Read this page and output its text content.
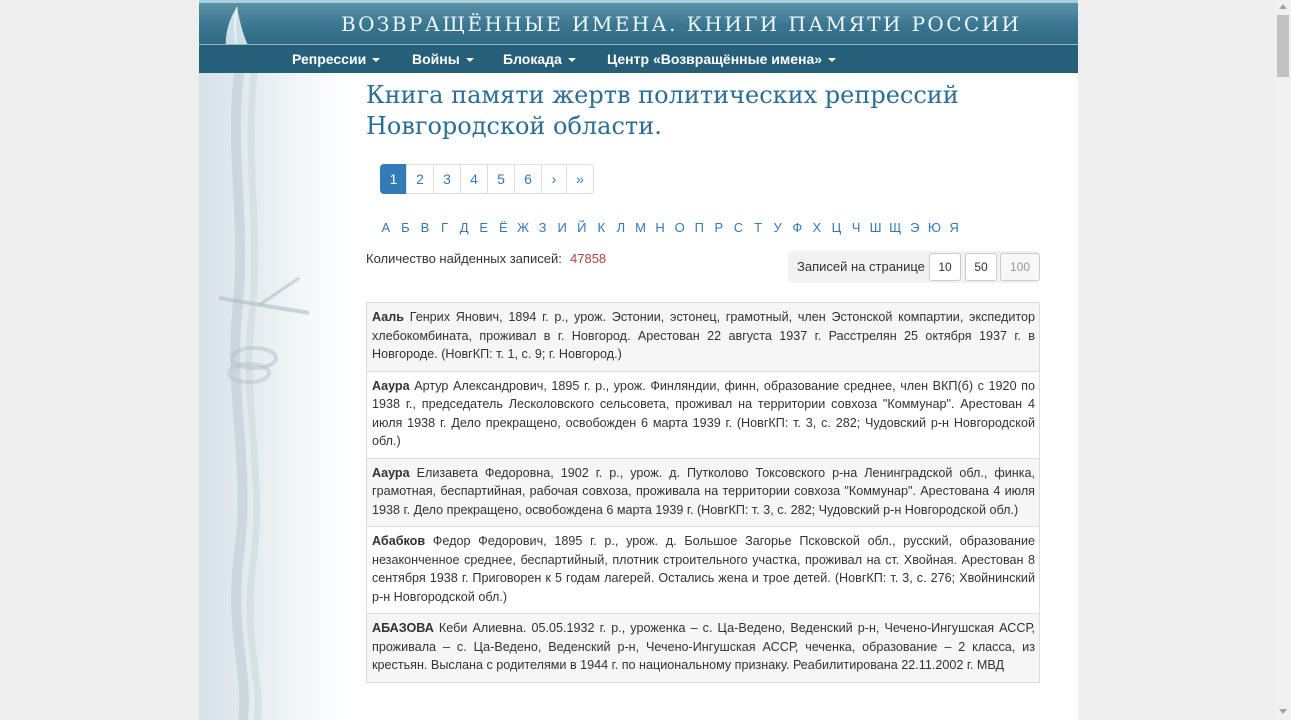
ВОЗВРАЩЁННЫЕ ИМЕНА. КНИГИ ПАМЯТИ РОССИИ
Репрессии	Войны	Блокада	Центр «Возвращённые имена»
Книга памяти жертв политических репрессий Новгородской области.
1	2	3	4	5	6	›	»
А Б В Г Д Е Ё Ж З И Й К Л М Н О П Р С Т У Ф Х Ц Ч Ш Щ Э Ю Я
Количество найденных записей: 47858
Записей на странице	10	50	100
Ааль Генрих Янович, 1894 г. р., урож. Эстонии, эстонец, грамотный, член Эстонской компартии, экспедитор хлебокомбината, проживал в г. Новгород. Арестован 22 августа 1937 г. Расстрелян 25 октября 1937 г. в Новгороде. (НовгКП: т. 1, с. 9; г. Новгород.)
Аaура Артур Александрович, 1895 г. р., урож. Финляндии, финн, образование среднее, член ВКП(б) с 1920 по 1938 г., председатель Лесколовского сельсовета, проживал на территории совхоза "Коммунар". Арестован 4 июля 1938 г. Дело прекращено, освобожден 6 марта 1939 г. (НовгКП: т. 3, с. 282; Чудовский р-н Новгородской обл.)
Аaура Елизавета Федоровна, 1902 г. р., урож. д. Путколово Токсовского р-на Ленинградской обл., финка, грамотная, беспартийная, рабочая совхоза, проживала на территории совхоза "Коммунар". Арестована 4 июля 1938 г. Дело прекращено, освобождена 6 марта 1939 г. (НовгКП: т. 3, с. 282; Чудовский р-н Новгородской обл.)
Абабков Федор Федорович, 1895 г. р., урож. д. Большое Загорье Псковской обл., русский, образование незаконченное среднее, беспартийный, плотник строительного участка, проживал на ст. Хвойная. Арестован 8 сентября 1938 г. Приговорен к 5 годам лагерей. Остались жена и трое детей. (НовгКП: т. 3, с. 276; Хвойнинский р-н Новгородской обл.)
АБАЗОВА Кеби Алиевна. 05.05.1932 г. р., уроженка – с. Ца-Ведено, Веденский р-н, Чечено-Ингушская АССР, проживала – с. Ца-Ведено, Веденский р-н, Чечено-Ингушская АССР, чеченка, образование – 2 класса, из крестьян. Выслана с родителями в 1944 г. по национальному признаку. Реабилитирована 22.11.2002 г. МВД
